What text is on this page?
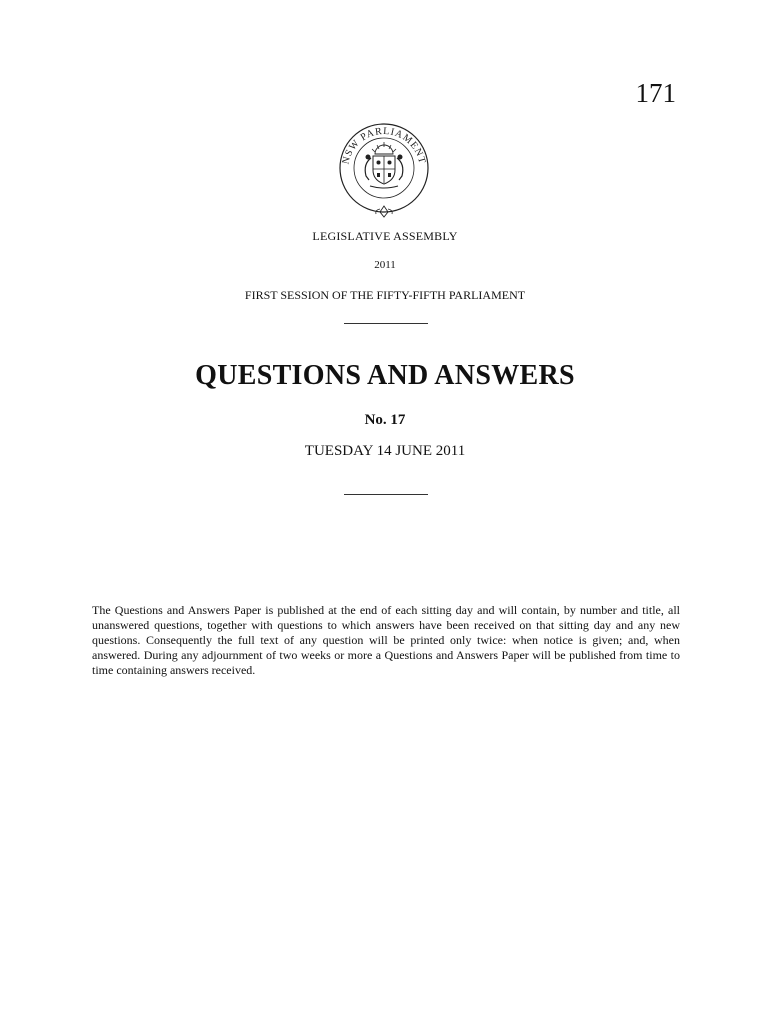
171
NSW PARLIAMENT
LEGISLATIVE ASSEMBLY
2011
FIRST SESSION OF THE FIFTY-FIFTH PARLIAMENT
QUESTIONS AND ANSWERS
No. 17
TUESDAY 14 JUNE 2011

The Questions and Answers Paper is published at the end of each sitting day and will contain, by number and title, all unanswered questions, together with questions to which answers have been received on that sitting day and any new questions. Consequently the full text of any question will be printed only twice: when notice is given; and, when answered. During any adjournment of two weeks or more a Questions and Answers Paper will be published from time to time containing answers received.
